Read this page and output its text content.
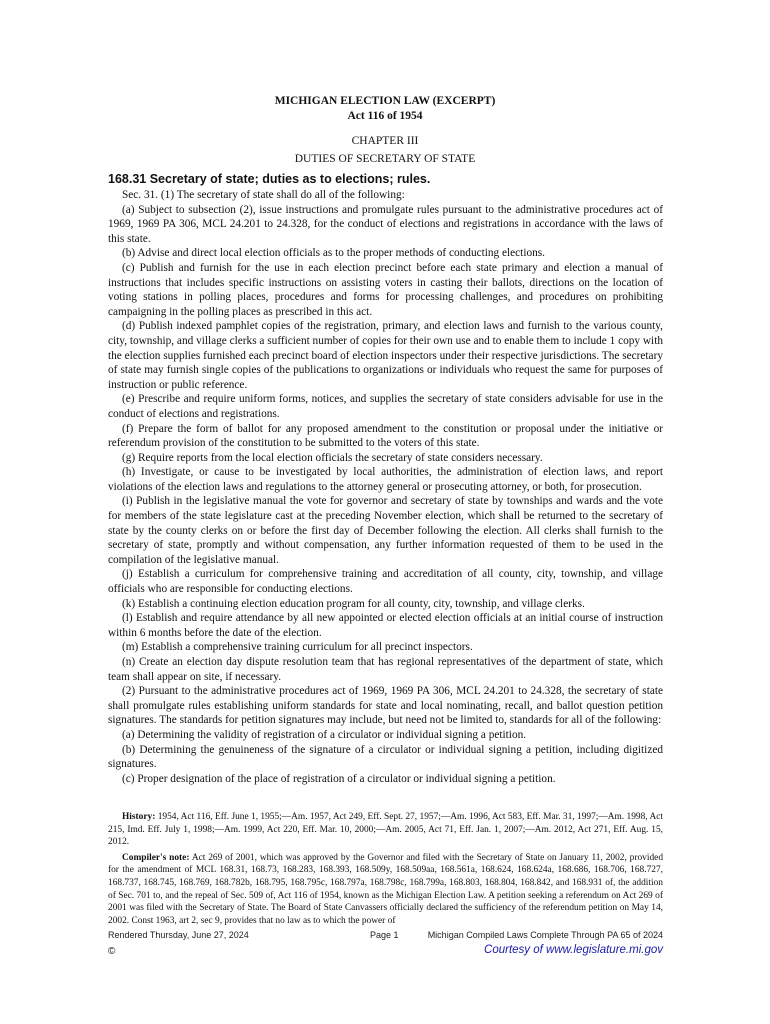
MICHIGAN ELECTION LAW (EXCERPT)
Act 116 of 1954
CHAPTER III
DUTIES OF SECRETARY OF STATE
168.31 Secretary of state; duties as to elections; rules.

Sec. 31. (1) The secretary of state shall do all of the following:

(a) Subject to subsection (2), issue instructions and promulgate rules pursuant to the administrative procedures act of 1969, 1969 PA 306, MCL 24.201 to 24.328, for the conduct of elections and registrations in accordance with the laws of this state.

(b) Advise and direct local election officials as to the proper methods of conducting elections.

(c) Publish and furnish for the use in each election precinct before each state primary and election a manual of instructions that includes specific instructions on assisting voters in casting their ballots, directions on the location of voting stations in polling places, procedures and forms for processing challenges, and procedures on prohibiting campaigning in the polling places as prescribed in this act.

(d) Publish indexed pamphlet copies of the registration, primary, and election laws and furnish to the various county, city, township, and village clerks a sufficient number of copies for their own use and to enable them to include 1 copy with the election supplies furnished each precinct board of election inspectors under their respective jurisdictions. The secretary of state may furnish single copies of the publications to organizations or individuals who request the same for purposes of instruction or public reference.

(e) Prescribe and require uniform forms, notices, and supplies the secretary of state considers advisable for use in the conduct of elections and registrations.

(f) Prepare the form of ballot for any proposed amendment to the constitution or proposal under the initiative or referendum provision of the constitution to be submitted to the voters of this state.

(g) Require reports from the local election officials the secretary of state considers necessary.

(h) Investigate, or cause to be investigated by local authorities, the administration of election laws, and report violations of the election laws and regulations to the attorney general or prosecuting attorney, or both, for prosecution.

(i) Publish in the legislative manual the vote for governor and secretary of state by townships and wards and the vote for members of the state legislature cast at the preceding November election, which shall be returned to the secretary of state by the county clerks on or before the first day of December following the election. All clerks shall furnish to the secretary of state, promptly and without compensation, any further information requested of them to be used in the compilation of the legislative manual.

(j) Establish a curriculum for comprehensive training and accreditation of all county, city, township, and village officials who are responsible for conducting elections.

(k) Establish a continuing election education program for all county, city, township, and village clerks.

(l) Establish and require attendance by all new appointed or elected election officials at an initial course of instruction within 6 months before the date of the election.

(m) Establish a comprehensive training curriculum for all precinct inspectors.

(n) Create an election day dispute resolution team that has regional representatives of the department of state, which team shall appear on site, if necessary.

(2) Pursuant to the administrative procedures act of 1969, 1969 PA 306, MCL 24.201 to 24.328, the secretary of state shall promulgate rules establishing uniform standards for state and local nominating, recall, and ballot question petition signatures. The standards for petition signatures may include, but need not be limited to, standards for all of the following:

(a) Determining the validity of registration of a circulator or individual signing a petition.

(b) Determining the genuineness of the signature of a circulator or individual signing a petition, including digitized signatures.

(c) Proper designation of the place of registration of a circulator or individual signing a petition.

History: 1954, Act 116, Eff. June 1, 1955;—Am. 1957, Act 249, Eff. Sept. 27, 1957;—Am. 1996, Act 583, Eff. Mar. 31, 1997;—Am. 1998, Act 215, Imd. Eff. July 1, 1998;—Am. 1999, Act 220, Eff. Mar. 10, 2000;—Am. 2005, Act 71, Eff. Jan. 1, 2007;—Am. 2012, Act 271, Eff. Aug. 15, 2012.

Compiler's note: Act 269 of 2001, which was approved by the Governor and filed with the Secretary of State on January 11, 2002, provided for the amendment of MCL 168.31, 168.73, 168.283, 168.393, 168.509y, 168.509aa, 168.561a, 168.624, 168.624a, 168.686, 168.706, 168.727, 168.737, 168.745, 168.769, 168.782b, 168.795, 168.795c, 168.797a, 168.798c, 168.799a, 168.803, 168.804, 168.842, and 168.931 of, the addition of Sec. 701 to, and the repeal of Sec. 509 of, Act 116 of 1954, known as the Michigan Election Law. A petition seeking a referendum on Act 269 of 2001 was filed with the Secretary of State. The Board of State Canvassers officially declared the sufficiency of the referendum petition on May 14, 2002. Const 1963, art 2, sec 9, provides that no law as to which the power of

Rendered Thursday, June 27, 2024	Page 1	Michigan Compiled Laws Complete Through PA 65 of 2024
©	Courtesy of www.legislature.mi.gov
